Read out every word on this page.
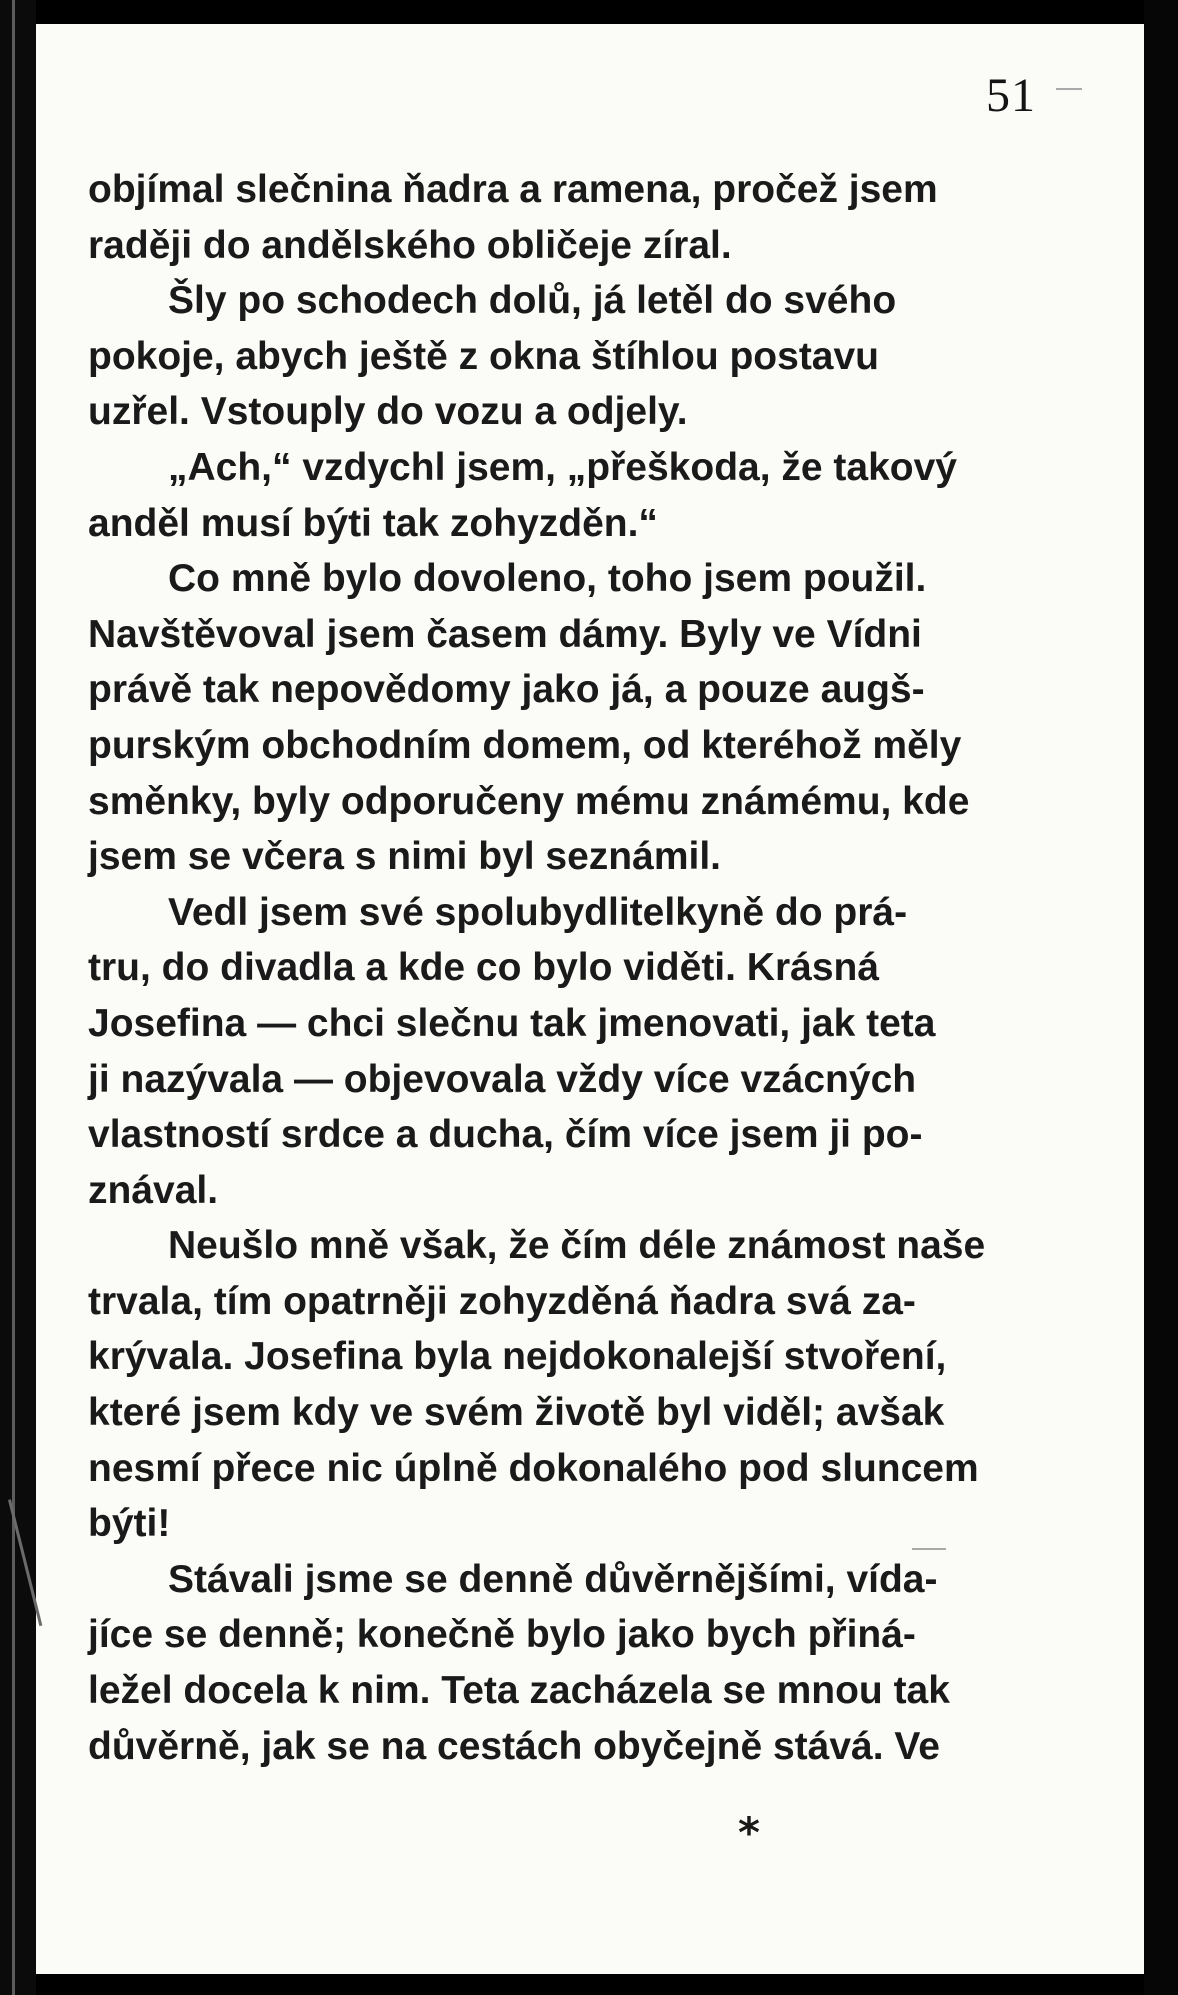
51
objímal slečnina ňadra a ramena, pročež jsem
raději do andělského obličeje zíral.
Šly po schodech dolů, já letěl do svého
pokoje, abych ještě z okna štíhlou postavu
uzřel. Vstouply do vozu a odjely.
„Ach,“ vzdychl jsem, „přeškoda, že takový
anděl musí býti tak zohyzděn.“
Co mně bylo dovoleno, toho jsem použil.
Navštěvoval jsem časem dámy. Byly ve Vídni
právě tak nepovědomy jako já, a pouze augš-
purským obchodním domem, od kteréhož měly
směnky, byly odporučeny mému známému, kde
jsem se včera s nimi byl seznámil.
Vedl jsem své spolubydlitelkyně do prá-
tru, do divadla a kde co bylo viděti. Krásná
Josefina — chci slečnu tak jmenovati, jak teta
ji nazývala — objevovala vždy více vzácných
vlastností srdce a ducha, čím více jsem ji po-
znával.
Neušlo mně však, že čím déle známost naše
trvala, tím opatrněji zohyzděná ňadra svá za-
krývala. Josefina byla nejdokonalejší stvoření,
které jsem kdy ve svém životě byl viděl; avšak
nesmí přece nic úplně dokonalého pod sluncem
býti!
Stávali jsme se denně důvěrnějšími, vída-
jíce se denně; konečně bylo jako bych přiná-
ležel docela k nim. Teta zacházela se mnou tak
důvěrně, jak se na cestách obyčejně stává. Ve
*
